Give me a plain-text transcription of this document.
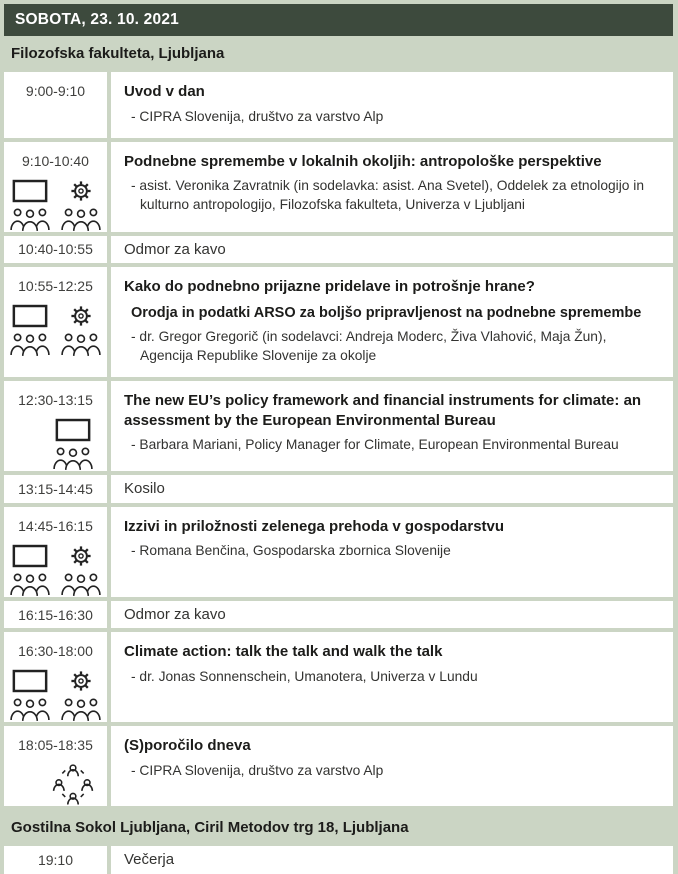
SOBOTA, 23. 10. 2021
Filozofska fakulteta, Ljubljana
9:00-9:10	Uvod v dan
- CIPRA Slovenija, društvo za varstvo Alp
9:10-10:40	Podnebne spremembe v lokalnih okoljih: antropološke perspektive
- asist. Veronika Zavratnik (in sodelavka: asist. Ana Svetel), Oddelek za etnologijo in kulturno antropologijo, Filozofska fakulteta, Univerza v Ljubljani
10:40-10:55 Odmor za kavo
10:55-12:25	Kako do podnebno prijazne pridelave in potrošnje hrane?
Orodja in podatki ARSO za boljšo pripravljenost na podnebne spremembe
- dr. Gregor Gregorič (in sodelavci: Andreja Moderc, Živa Vlahović, Maja Žun), Agencija Republike Slovenije za okolje
12:30-13:15	The new EU’s policy framework and financial instruments for climate: an assessment by the European Environmental Bureau
- Barbara Mariani, Policy Manager for Climate, European Environmental Bureau
13:15-14:45 Kosilo
14:45-16:15	Izzivi in priložnosti zelenega prehoda v gospodarstvu
- Romana Benčina, Gospodarska zbornica Slovenije
16:15-16:30 Odmor za kavo
16:30-18:00	Climate action: talk the talk and walk the talk
- dr. Jonas Sonnenschein, Umanotera, Univerza v Lundu
18:05-18:35	(S)poročilo dneva
- CIPRA Slovenija, društvo za varstvo Alp
Gostilna Sokol Ljubljana, Ciril Metodov trg 18, Ljubljana
19:10	Večerja
